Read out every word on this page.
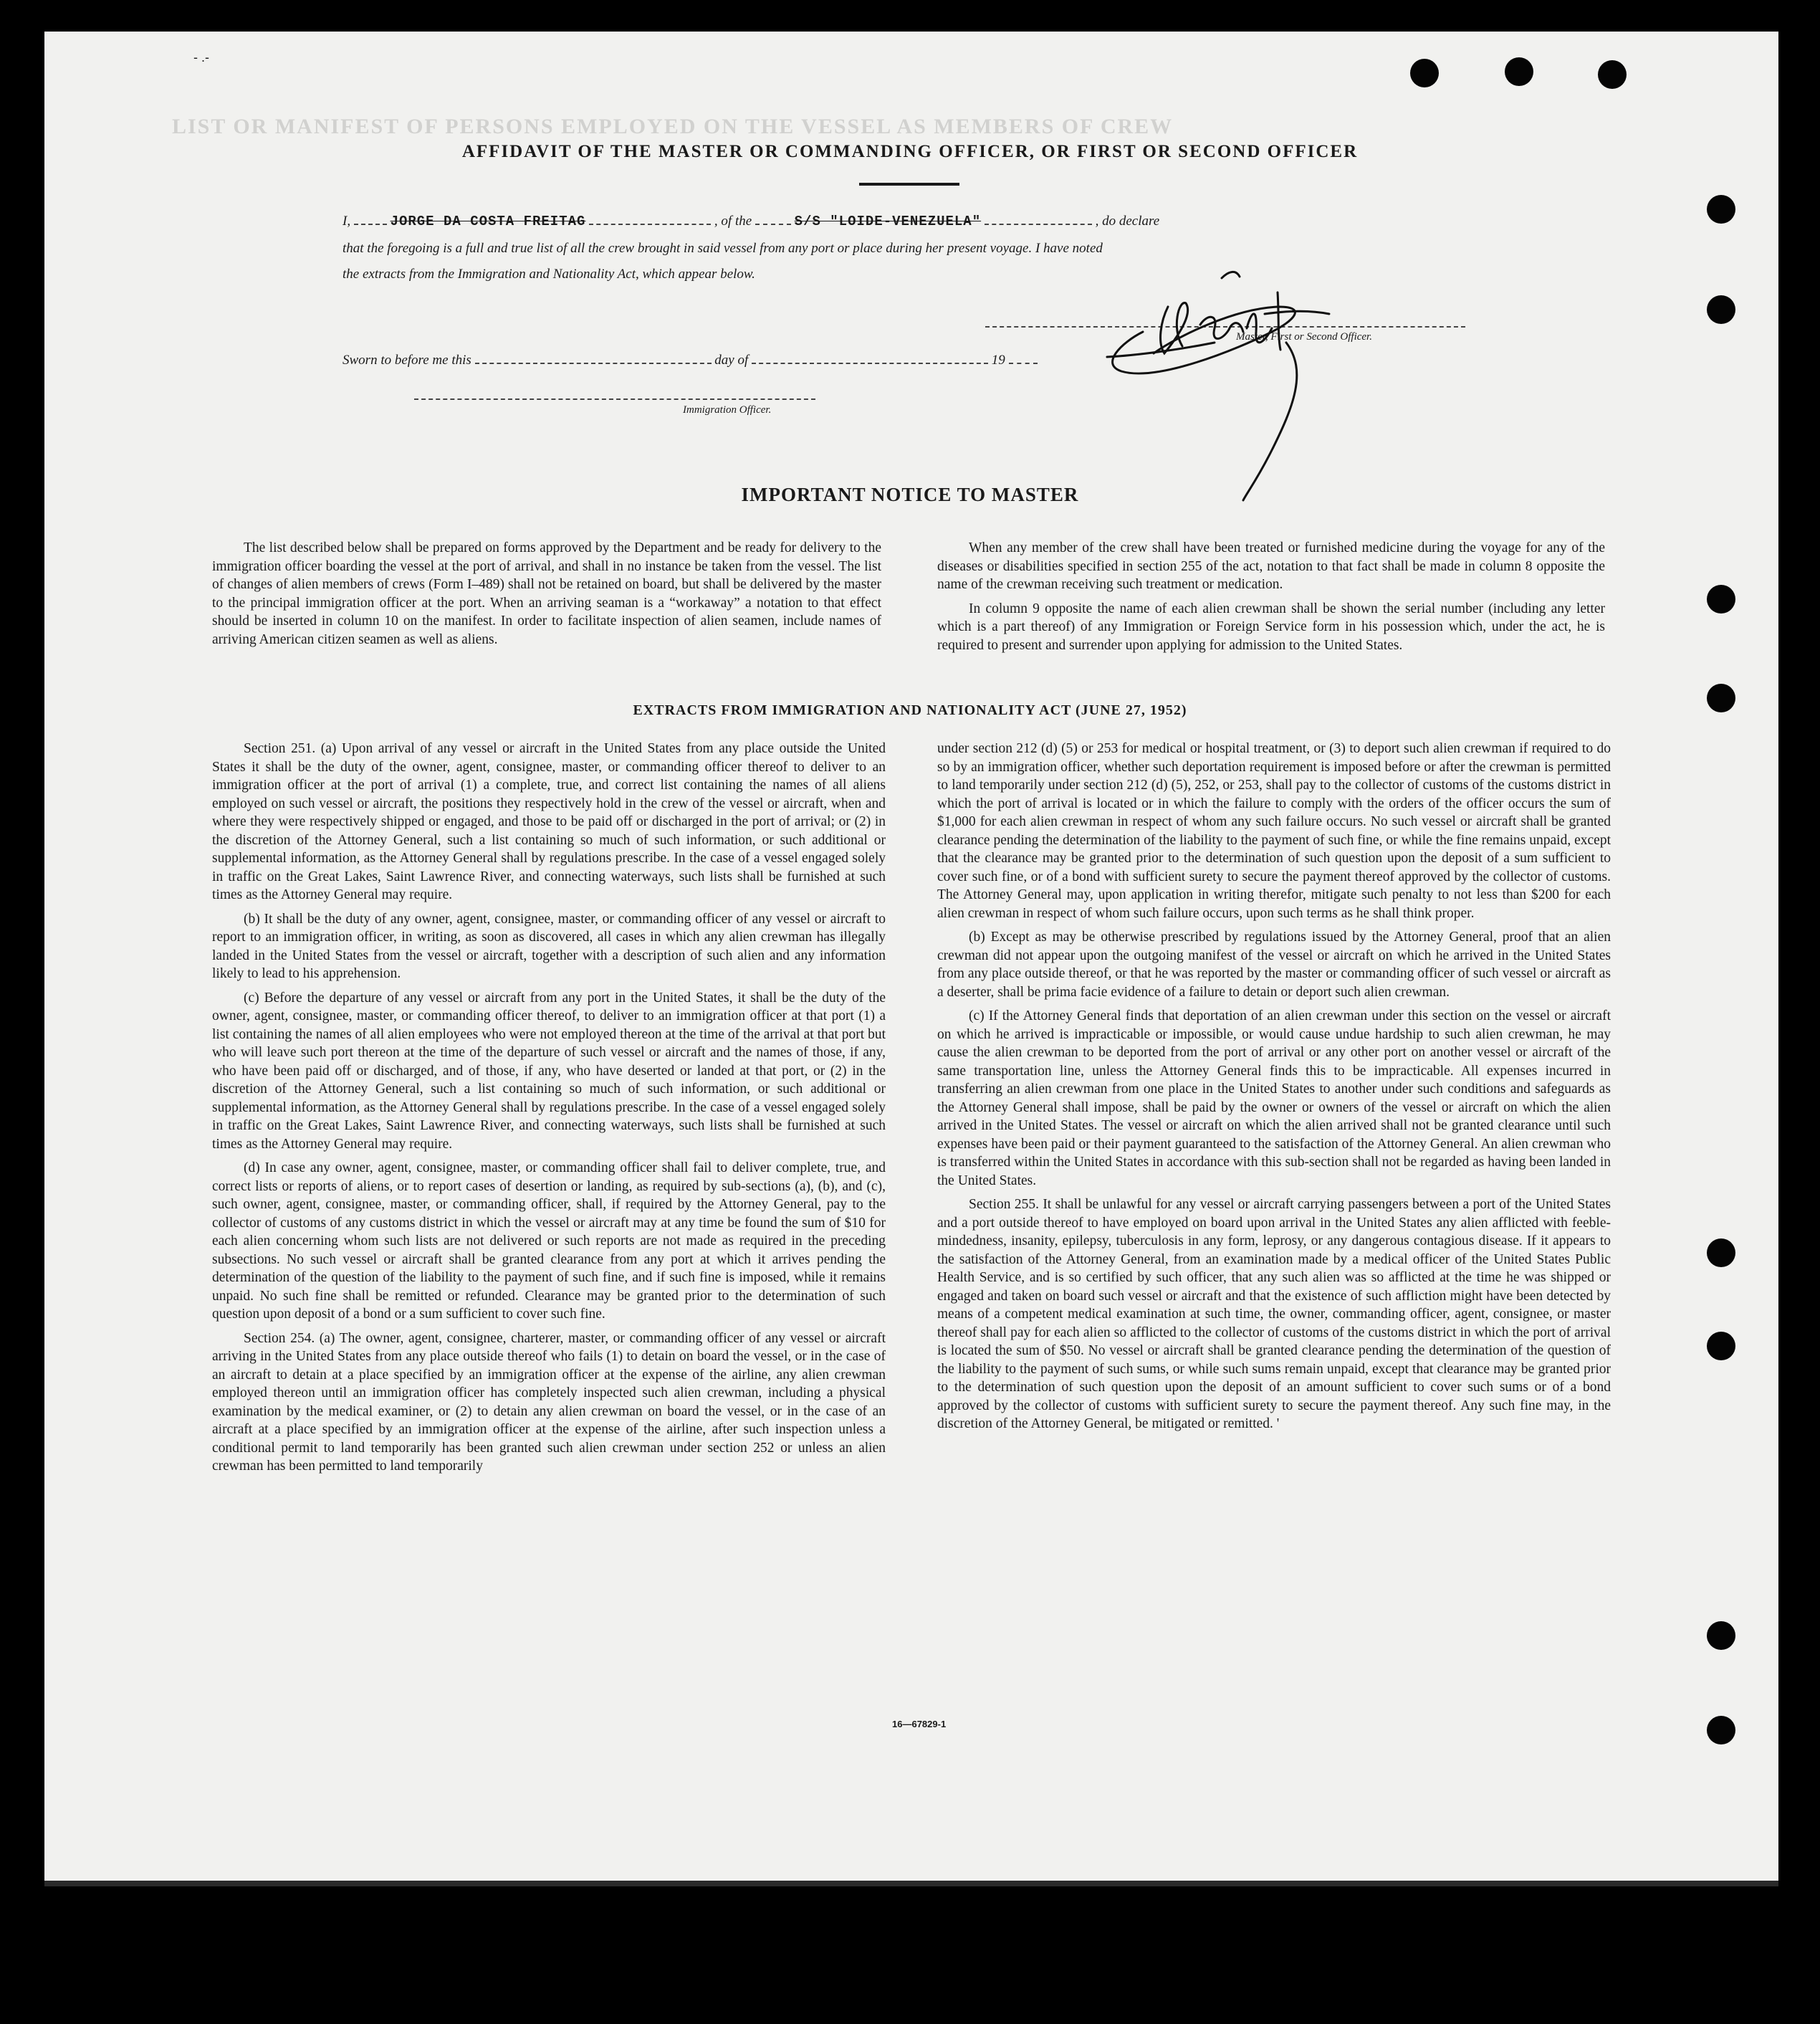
- .-
LIST OR MANIFEST OF PERSONS EMPLOYED ON THE VESSEL AS MEMBERS OF CREW
AFFIDAVIT OF THE MASTER OR COMMANDING OFFICER, OR FIRST OR SECOND OFFICER
I,	JORGE DA COSTA FREITAG	, of the	S/S "LOIDE-VENEZUELA"	, do declare
that the foregoing is a full and true list of all the crew brought in said vessel from any port or place during her present voyage. I have noted
the extracts from the Immigration and Nationality Act, which appear below.
Master, First or Second Officer.
Sworn to before me this	day of	19
Immigration Officer.
IMPORTANT NOTICE TO MASTER

The list described below shall be prepared on forms approved by the Department and be ready for delivery to the immigration officer boarding the vessel at the port of arrival, and shall in no instance be taken from the vessel. The list of changes of alien members of crews (Form I–489) shall not be retained on board, but shall be delivered by the master to the principal immigration officer at the port. When an arriving seaman is a “workaway” a notation to that effect should be inserted in column 10 on the manifest. In order to facilitate inspection of alien seamen, include names of arriving American citizen seamen as well as aliens.

When any member of the crew shall have been treated or furnished medicine during the voyage for any of the diseases or disabilities specified in section 255 of the act, notation to that fact shall be made in column 8 opposite the name of the crewman receiving such treatment or medication.

In column 9 opposite the name of each alien crewman shall be shown the serial number (including any letter which is a part thereof) of any Immigration or Foreign Service form in his possession which, under the act, he is required to present and surrender upon applying for admission to the United States.

EXTRACTS FROM IMMIGRATION AND NATIONALITY ACT (JUNE 27, 1952)

Section 251. (a) Upon arrival of any vessel or aircraft in the United States from any place outside the United States it shall be the duty of the owner, agent, consignee, master, or commanding officer thereof to deliver to an immigration officer at the port of arrival (1) a complete, true, and correct list containing the names of all aliens employed on such vessel or aircraft, the positions they respectively hold in the crew of the vessel or aircraft, when and where they were respectively shipped or engaged, and those to be paid off or discharged in the port of arrival; or (2) in the discretion of the Attorney General, such a list containing so much of such information, or such additional or supplemental information, as the Attorney General shall by regulations prescribe. In the case of a vessel engaged solely in traffic on the Great Lakes, Saint Lawrence River, and connecting waterways, such lists shall be furnished at such times as the Attorney General may require.

(b) It shall be the duty of any owner, agent, consignee, master, or commanding officer of any vessel or aircraft to report to an immigration officer, in writing, as soon as discovered, all cases in which any alien crewman has illegally landed in the United States from the vessel or aircraft, together with a description of such alien and any information likely to lead to his apprehension.

(c) Before the departure of any vessel or aircraft from any port in the United States, it shall be the duty of the owner, agent, consignee, master, or commanding officer thereof, to deliver to an immigration officer at that port (1) a list containing the names of all alien employees who were not employed thereon at the time of the arrival at that port but who will leave such port thereon at the time of the departure of such vessel or aircraft and the names of those, if any, who have been paid off or discharged, and of those, if any, who have deserted or landed at that port, or (2) in the discretion of the Attorney General, such a list containing so much of such information, or such additional or supplemental information, as the Attorney General shall by regulations prescribe. In the case of a vessel engaged solely in traffic on the Great Lakes, Saint Lawrence River, and connecting waterways, such lists shall be furnished at such times as the Attorney General may require.

(d) In case any owner, agent, consignee, master, or commanding officer shall fail to deliver complete, true, and correct lists or reports of aliens, or to report cases of desertion or landing, as required by sub-sections (a), (b), and (c), such owner, agent, consignee, master, or commanding officer, shall, if required by the Attorney General, pay to the collector of customs of any customs district in which the vessel or aircraft may at any time be found the sum of $10 for each alien concerning whom such lists are not delivered or such reports are not made as required in the preceding subsections. No such vessel or aircraft shall be granted clearance from any port at which it arrives pending the determination of the question of the liability to the payment of such fine, and if such fine is imposed, while it remains unpaid. No such fine shall be remitted or refunded. Clearance may be granted prior to the determination of such question upon deposit of a bond or a sum sufficient to cover such fine.

Section 254. (a) The owner, agent, consignee, charterer, master, or commanding officer of any vessel or aircraft arriving in the United States from any place outside thereof who fails (1) to detain on board the vessel, or in the case of an aircraft to detain at a place specified by an immigration officer at the expense of the airline, any alien crewman employed thereon until an immigration officer has completely inspected such alien crewman, including a physical examination by the medical examiner, or (2) to detain any alien crewman on board the vessel, or in the case of an aircraft at a place specified by an immigration officer at the expense of the airline, after such inspection unless a conditional permit to land temporarily has been granted such alien crewman under section 252 or unless an alien crewman has been permitted to land temporarily

under section 212 (d) (5) or 253 for medical or hospital treatment, or (3) to deport such alien crewman if required to do so by an immigration officer, whether such deportation requirement is imposed before or after the crewman is permitted to land temporarily under section 212 (d) (5), 252, or 253, shall pay to the collector of customs of the customs district in which the port of arrival is located or in which the failure to comply with the orders of the officer occurs the sum of $1,000 for each alien crewman in respect of whom any such failure occurs. No such vessel or aircraft shall be granted clearance pending the determination of the liability to the payment of such fine, or while the fine remains unpaid, except that the clearance may be granted prior to the determination of such question upon the deposit of a sum sufficient to cover such fine, or of a bond with sufficient surety to secure the payment thereof approved by the collector of customs. The Attorney General may, upon application in writing therefor, mitigate such penalty to not less than $200 for each alien crewman in respect of whom such failure occurs, upon such terms as he shall think proper.

(b) Except as may be otherwise prescribed by regulations issued by the Attorney General, proof that an alien crewman did not appear upon the outgoing manifest of the vessel or aircraft on which he arrived in the United States from any place outside thereof, or that he was reported by the master or commanding officer of such vessel or aircraft as a deserter, shall be prima facie evidence of a failure to detain or deport such alien crewman.

(c) If the Attorney General finds that deportation of an alien crewman under this section on the vessel or aircraft on which he arrived is impracticable or impossible, or would cause undue hardship to such alien crewman, he may cause the alien crewman to be deported from the port of arrival or any other port on another vessel or aircraft of the same transportation line, unless the Attorney General finds this to be impracticable. All expenses incurred in transferring an alien crewman from one place in the United States to another under such conditions and safeguards as the Attorney General shall impose, shall be paid by the owner or owners of the vessel or aircraft on which the alien arrived in the United States. The vessel or aircraft on which the alien arrived shall not be granted clearance until such expenses have been paid or their payment guaranteed to the satisfaction of the Attorney General. An alien crewman who is transferred within the United States in accordance with this sub-section shall not be regarded as having been landed in the United States.

Section 255. It shall be unlawful for any vessel or aircraft carrying passengers between a port of the United States and a port outside thereof to have employed on board upon arrival in the United States any alien afflicted with feeble-mindedness, insanity, epilepsy, tuberculosis in any form, leprosy, or any dangerous contagious disease. If it appears to the satisfaction of the Attorney General, from an examination made by a medical officer of the United States Public Health Service, and is so certified by such officer, that any such alien was so afflicted at the time he was shipped or engaged and taken on board such vessel or aircraft and that the existence of such affliction might have been detected by means of a competent medical examination at such time, the owner, commanding officer, agent, consignee, or master thereof shall pay for each alien so afflicted to the collector of customs of the customs district in which the port of arrival is located the sum of $50. No vessel or aircraft shall be granted clearance pending the determination of the question of the liability to the payment of such sums, or while such sums remain unpaid, except that clearance may be granted prior to the determination of such question upon the deposit of an amount sufficient to cover such sums or of a bond approved by the collector of customs with sufficient surety to secure the payment thereof. Any such fine may, in the discretion of the Attorney General, be mitigated or remitted. '

16—67829-1
